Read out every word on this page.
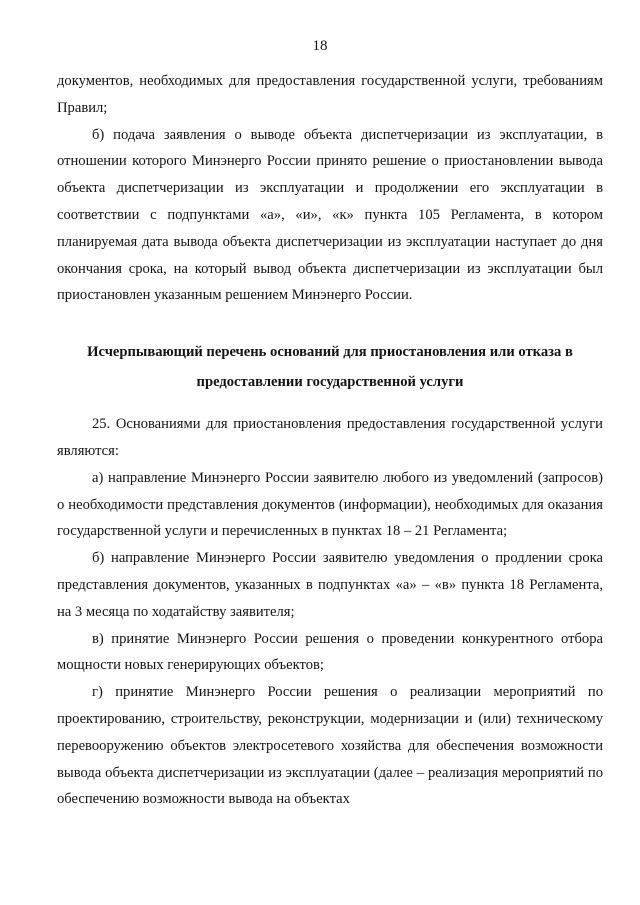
18

документов, необходимых для предоставления государственной услуги, требованиям Правил;

б) подача заявления о выводе объекта диспетчеризации из эксплуатации, в отношении которого Минэнерго России принято решение о приостановлении вывода объекта диспетчеризации из эксплуатации и продолжении его эксплуатации в соответствии с подпунктами «а», «и», «к» пункта 105 Регламента, в котором планируемая дата вывода объекта диспетчеризации из эксплуатации наступает до дня окончания срока, на который вывод объекта диспетчеризации из эксплуатации был приостановлен указанным решением Минэнерго России.

Исчерпывающий перечень оснований для приостановления или отказа в
предоставлении государственной услуги

25. Основаниями для приостановления предоставления государственной услуги являются:

а) направление Минэнерго России заявителю любого из уведомлений (запросов) о необходимости представления документов (информации), необходимых для оказания государственной услуги и перечисленных в пунктах 18 – 21 Регламента;

б) направление Минэнерго России заявителю уведомления о продлении срока представления документов, указанных в подпунктах «а» – «в» пункта 18 Регламента, на 3 месяца по ходатайству заявителя;

в) принятие Минэнерго России решения о проведении конкурентного отбора мощности новых генерирующих объектов;

г) принятие Минэнерго России решения о реализации мероприятий по проектированию, строительству, реконструкции, модернизации и (или) техническому перевооружению объектов электросетевого хозяйства для обеспечения возможности вывода объекта диспетчеризации из эксплуатации (далее – реализация мероприятий по обеспечению возможности вывода на объектах
